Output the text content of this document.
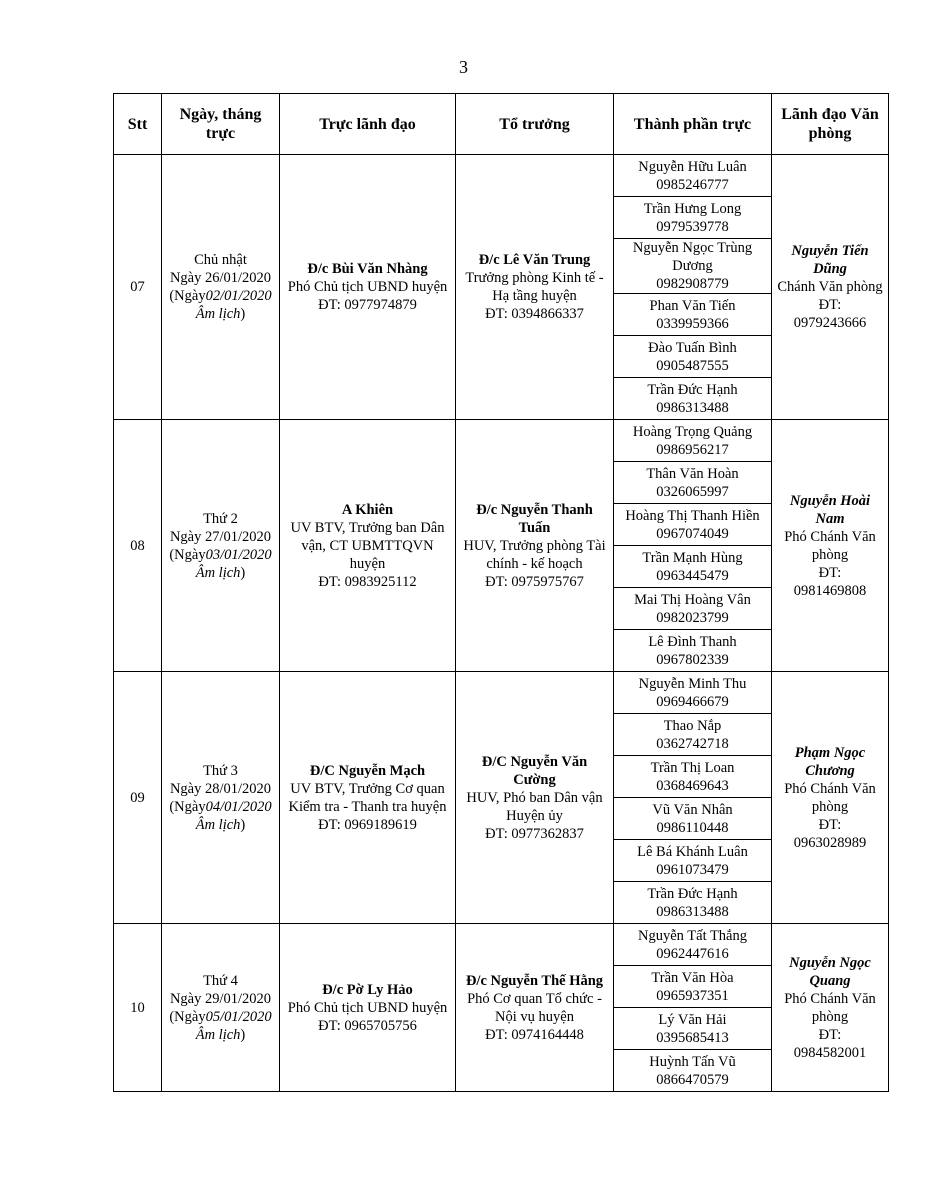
3
Stt	Ngày, tháng trực	Trực lãnh đạo	Tổ trưởng	Thành phần trực	Lãnh đạo Văn phòng
07	Chủ nhật
Ngày 26/01/2020
(Ngày02/01/2020 Âm lịch)	Đ/c Bùi Văn Nhàng
Phó Chủ tịch UBND huyện
ĐT: 0977974879	Đ/c Lê Văn Trung
Trưởng phòng Kinh tế - Hạ tầng huyện
ĐT: 0394866337	Nguyễn Hữu Luân
0985246777	Nguyễn Tiến Dũng
Chánh Văn phòng
ĐT:
0979243666

				Trần Hưng Long
0979539778	

				Nguyễn Ngọc Trùng Dương
0982908779	

				Phan Văn Tiến
0339959366	

				Đào Tuấn Bình
0905487555	

				Trần Đức Hạnh
0986313488	

08	Thứ 2
Ngày 27/01/2020
(Ngày03/01/2020 Âm lịch)	A Khiên
UV BTV, Trưởng ban Dân vận, CT UBMTTQVN huyện
ĐT: 0983925112	Đ/c Nguyễn Thanh Tuấn
HUV, Trưởng phòng Tài chính - kế hoạch
ĐT: 0975975767	Hoàng Trọng Quảng
0986956217	Nguyễn Hoài Nam
Phó Chánh Văn phòng
ĐT:
0981469808

				Thân Văn Hoàn
0326065997	

				Hoàng Thị Thanh Hiền
0967074049	

				Trần Mạnh Hùng
0963445479	

				Mai Thị Hoàng Vân
0982023799	

				Lê Đình Thanh
0967802339	

09	Thứ 3
Ngày 28/01/2020
(Ngày04/01/2020 Âm lịch)	Đ/C Nguyễn Mạch
UV BTV, Trưởng Cơ quan Kiểm tra - Thanh tra huyện
ĐT: 0969189619	Đ/C Nguyễn Văn Cường
HUV, Phó ban Dân vận Huyện ủy
ĐT: 0977362837	Nguyễn Minh Thu
0969466679	Phạm Ngọc Chương
Phó Chánh Văn phòng
ĐT:
0963028989

				Thao Nắp
0362742718	

				Trần Thị Loan
0368469643	

				Vũ Văn Nhân
0986110448	

				Lê Bá Khánh Luân
0961073479	

				Trần Đức Hạnh
0986313488	

10	Thứ 4
Ngày 29/01/2020
(Ngày05/01/2020 Âm lịch)	Đ/c Pờ Ly Hảo
Phó Chủ tịch UBND huyện
ĐT: 0965705756	Đ/c Nguyễn Thế Hằng
Phó Cơ quan Tổ chức - Nội vụ huyện
ĐT: 0974164448	Nguyễn Tất Thắng
0962447616	Nguyễn Ngọc Quang
Phó Chánh Văn phòng
ĐT:
0984582001

				Trần Văn Hòa
0965937351	

				Lý Văn Hải
0395685413	

				Huỳnh Tấn Vũ
0866470579	
